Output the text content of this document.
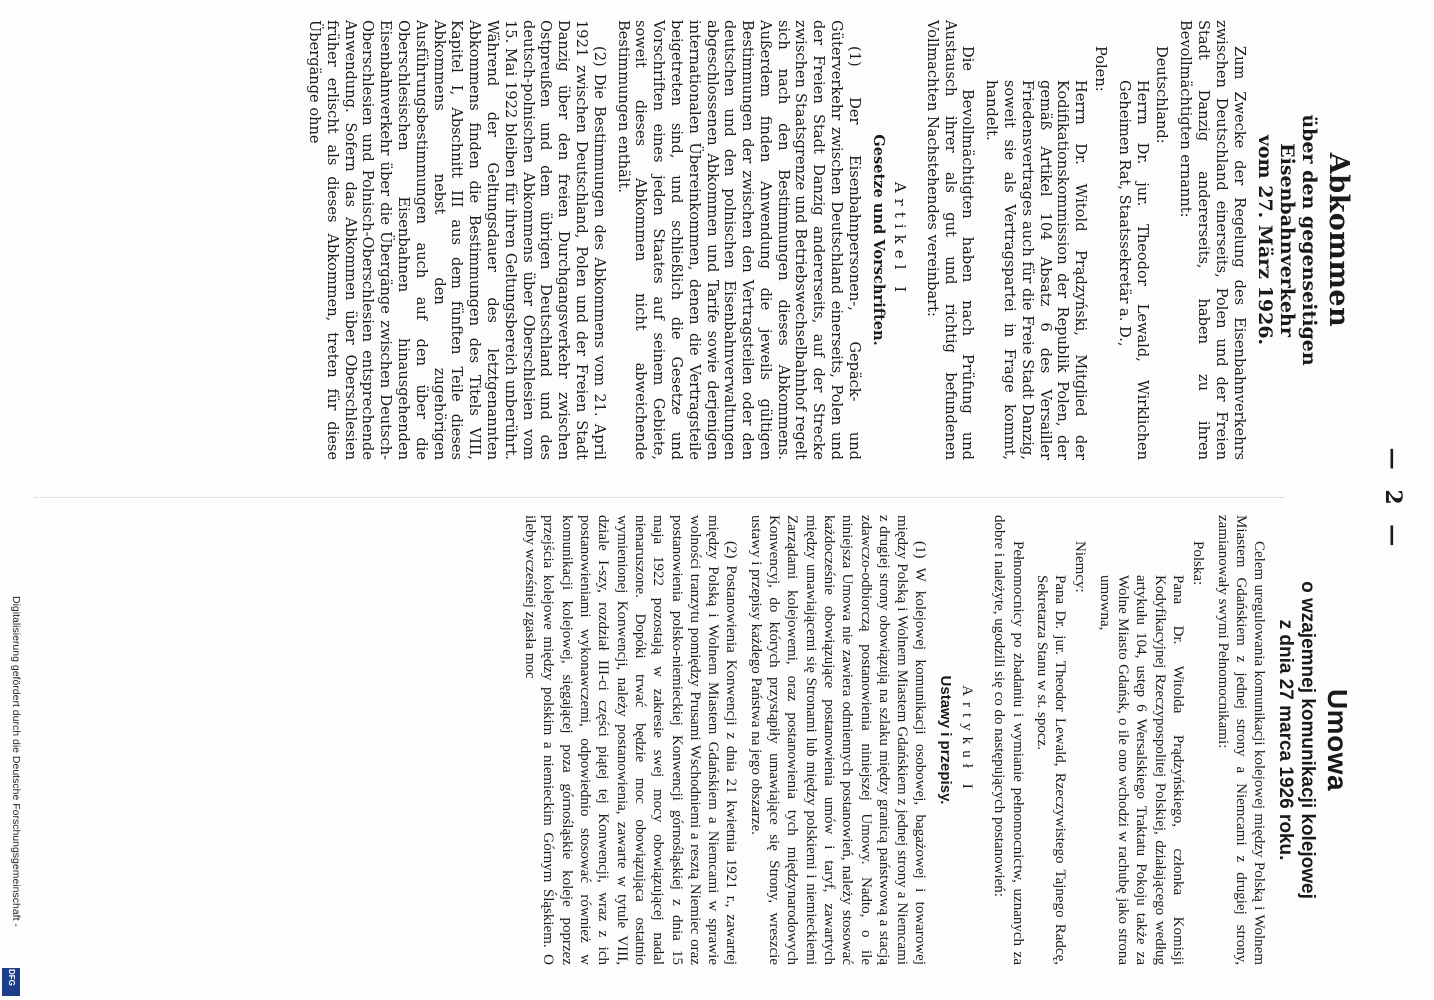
— 2 —
Abkommen
über den gegenseitigen Eisenbahnverkehr
vom 27. März 1926.

Zum Zwecke der Regelung des Eisenbahnverkehrs zwischen Deutschland einerseits, Polen und der Freien Stadt Danzig andererseits, haben zu ihren Bevollmächtigten ernannt:

Deutschland:

Herrn Dr. jur. Theodor Lewald, Wirklichen Geheimen Rat, Staatssekretär a. D.,

Polen:

Herrn Dr. Witold Prądzyński, Mitglied der Kodifikationskommission der Republik Polen, der gemäß Artikel 104 Absatz 6 des Versailler Friedensvertrages auch für die Freie Stadt Danzig, soweit sie als Vertragspartei in Frage kommt, handelt.

Die Bevollmächtigten haben nach Prüfung und Austausch ihrer als gut und richtig befundenen Vollmachten Nachstehendes vereinbart:

Artikel I
Gesetze und Vorschriften.

(1) Der Eisenbahnpersonen-, Gepäck- und Güterverkehr zwischen Deutschland einerseits, Polen und der Freien Stadt Danzig andererseits, auf der Strecke zwischen Staatsgrenze und Betriebswechselbahnhof regelt sich nach den Bestimmungen dieses Abkommens. Außerdem finden Anwendung die jeweils gültigen Bestimmungen der zwischen den Vertragsteilen oder den deutschen und den polnischen Eisenbahnverwaltungen abgeschlossenen Abkommen und Tarife sowie derjenigen internationalen Übereinkommen, denen die Vertragsteile beigetreten sind, und schließlich die Gesetze und Vorschriften eines jeden Staates auf seinem Gebiete, soweit dieses Abkommen nicht abweichende Bestimmungen enthält.

(2) Die Bestimmungen des Abkommens vom 21. April 1921 zwischen Deutschland, Polen und der Freien Stadt Danzig über den freien Durchgangsverkehr zwischen Ostpreußen und dem übrigen Deutschland und des deutsch-polnischen Abkommens über Oberschlesien vom 15. Mai 1922 bleiben für ihren Geltungsbereich unberührt. Während der Geltungsdauer des letztgenannten Abkommens finden die Bestimmungen des Titels VIII, Kapitel I, Abschnitt III aus dem fünften Teile dieses Abkommens nebst den zugehörigen Ausführungsbestimmungen auch auf den über die Oberschlesischen Eisenbahnen hinausgehenden Eisenbahnverkehr über die Übergänge zwischen Deutsch-Oberschlesien und Polnisch-Oberschlesien entsprechende Anwendung. Sofern das Abkommen über Oberschlesien früher erlischt als dieses Abkommen, treten für diese Übergänge ohne

Umowa
o wzajemnej komunikacji kolejowej
z dnia 27 marca 1926 roku.

Celem uregulowania komunikacji kolejowej między Polską i Wolnem Miastem Gdańskiem z jednej strony a Niemcami z drugiej strony, zamianowały swymi Pełnomocnikami:

Polska:

Pana Dr. Witolda Prądzyńskiego, członka Komisji Kodyfikacyjnej Rzeczypospolitej Polskiej, działającego według artykułu 104, ustęp 6 Wersalskiego Traktatu Pokoju także za Wolne Miasto Gdańsk, o ile ono wchodzi w rachubę jako strona umowna,

Niemcy:

Pana Dr. jur. Theodor Lewald, Rzeczywistego Tajnego Radcę, Sekretarza Stanu w st. spocz.

Pełnomocnicy po zbadaniu i wymianie pełnomocnictw, uznanych za dobre i należyte, ugodzili się co do następujących postanowień:

Artykuł I
Ustawy i przepisy.

(1) W kolejowej komunikacji osobowej, bagażowej i towarowej między Polską i Wolnem Miastem Gdańskiem z jednej strony a Niemcami z drugiej strony obowiązują na szlaku między granicą państwową a stacją zdawczo-odbiorczą postanowienia niniejszej Umowy. Nadto, o ile niniejsza Umowa nie zawiera odmiennych postanowień, należy stosować każdocześnie obowiązujące postanowienia umów i taryf, zawartych między umawiającemi się Stronami lub między polskiemi i niemieckiemi Zarządami kolejowemi, oraz postanowienia tych międzynarodowych Konwencyj, do których przystąpiły umawiające się Strony, wreszcie ustawy i przepisy każdego Państwa na jego obszarze.

(2) Postanowienia Konwencji z dnia 21 kwietnia 1921 r., zawartej między Polską i Wolnem Miastem Gdańskiem a Niemcami w sprawie wolności tranzytu pomiędzy Prusami Wschodniemi a resztą Niemiec oraz postanowienia polsko-niemieckiej Konwencji górnośląskiej z dnia 15 maja 1922 pozostają w zakresie swej mocy obowiązującej nadal nienaruszone. Dopóki trwać będzie moc obowiązująca ostatnio wymienionej Konwencji, należy postanowienia, zawarte w tytule VIII, dziale I-szy, rozdział III-ci części piątej tej Konwencji, wraz z ich postanowieniami wykonawczemi, odpowiednio stosować również w komunikacji kolejowej, sięgającej poza górnośląskie koleje poprzez przejścia kolejowe między polskim a niemieckim Górnym Śląskiem. O ileby wcześniej zgasła moc

Digitalisierung gefördert durch die Deutsche Forschungsgemeinschaft -
DFG
